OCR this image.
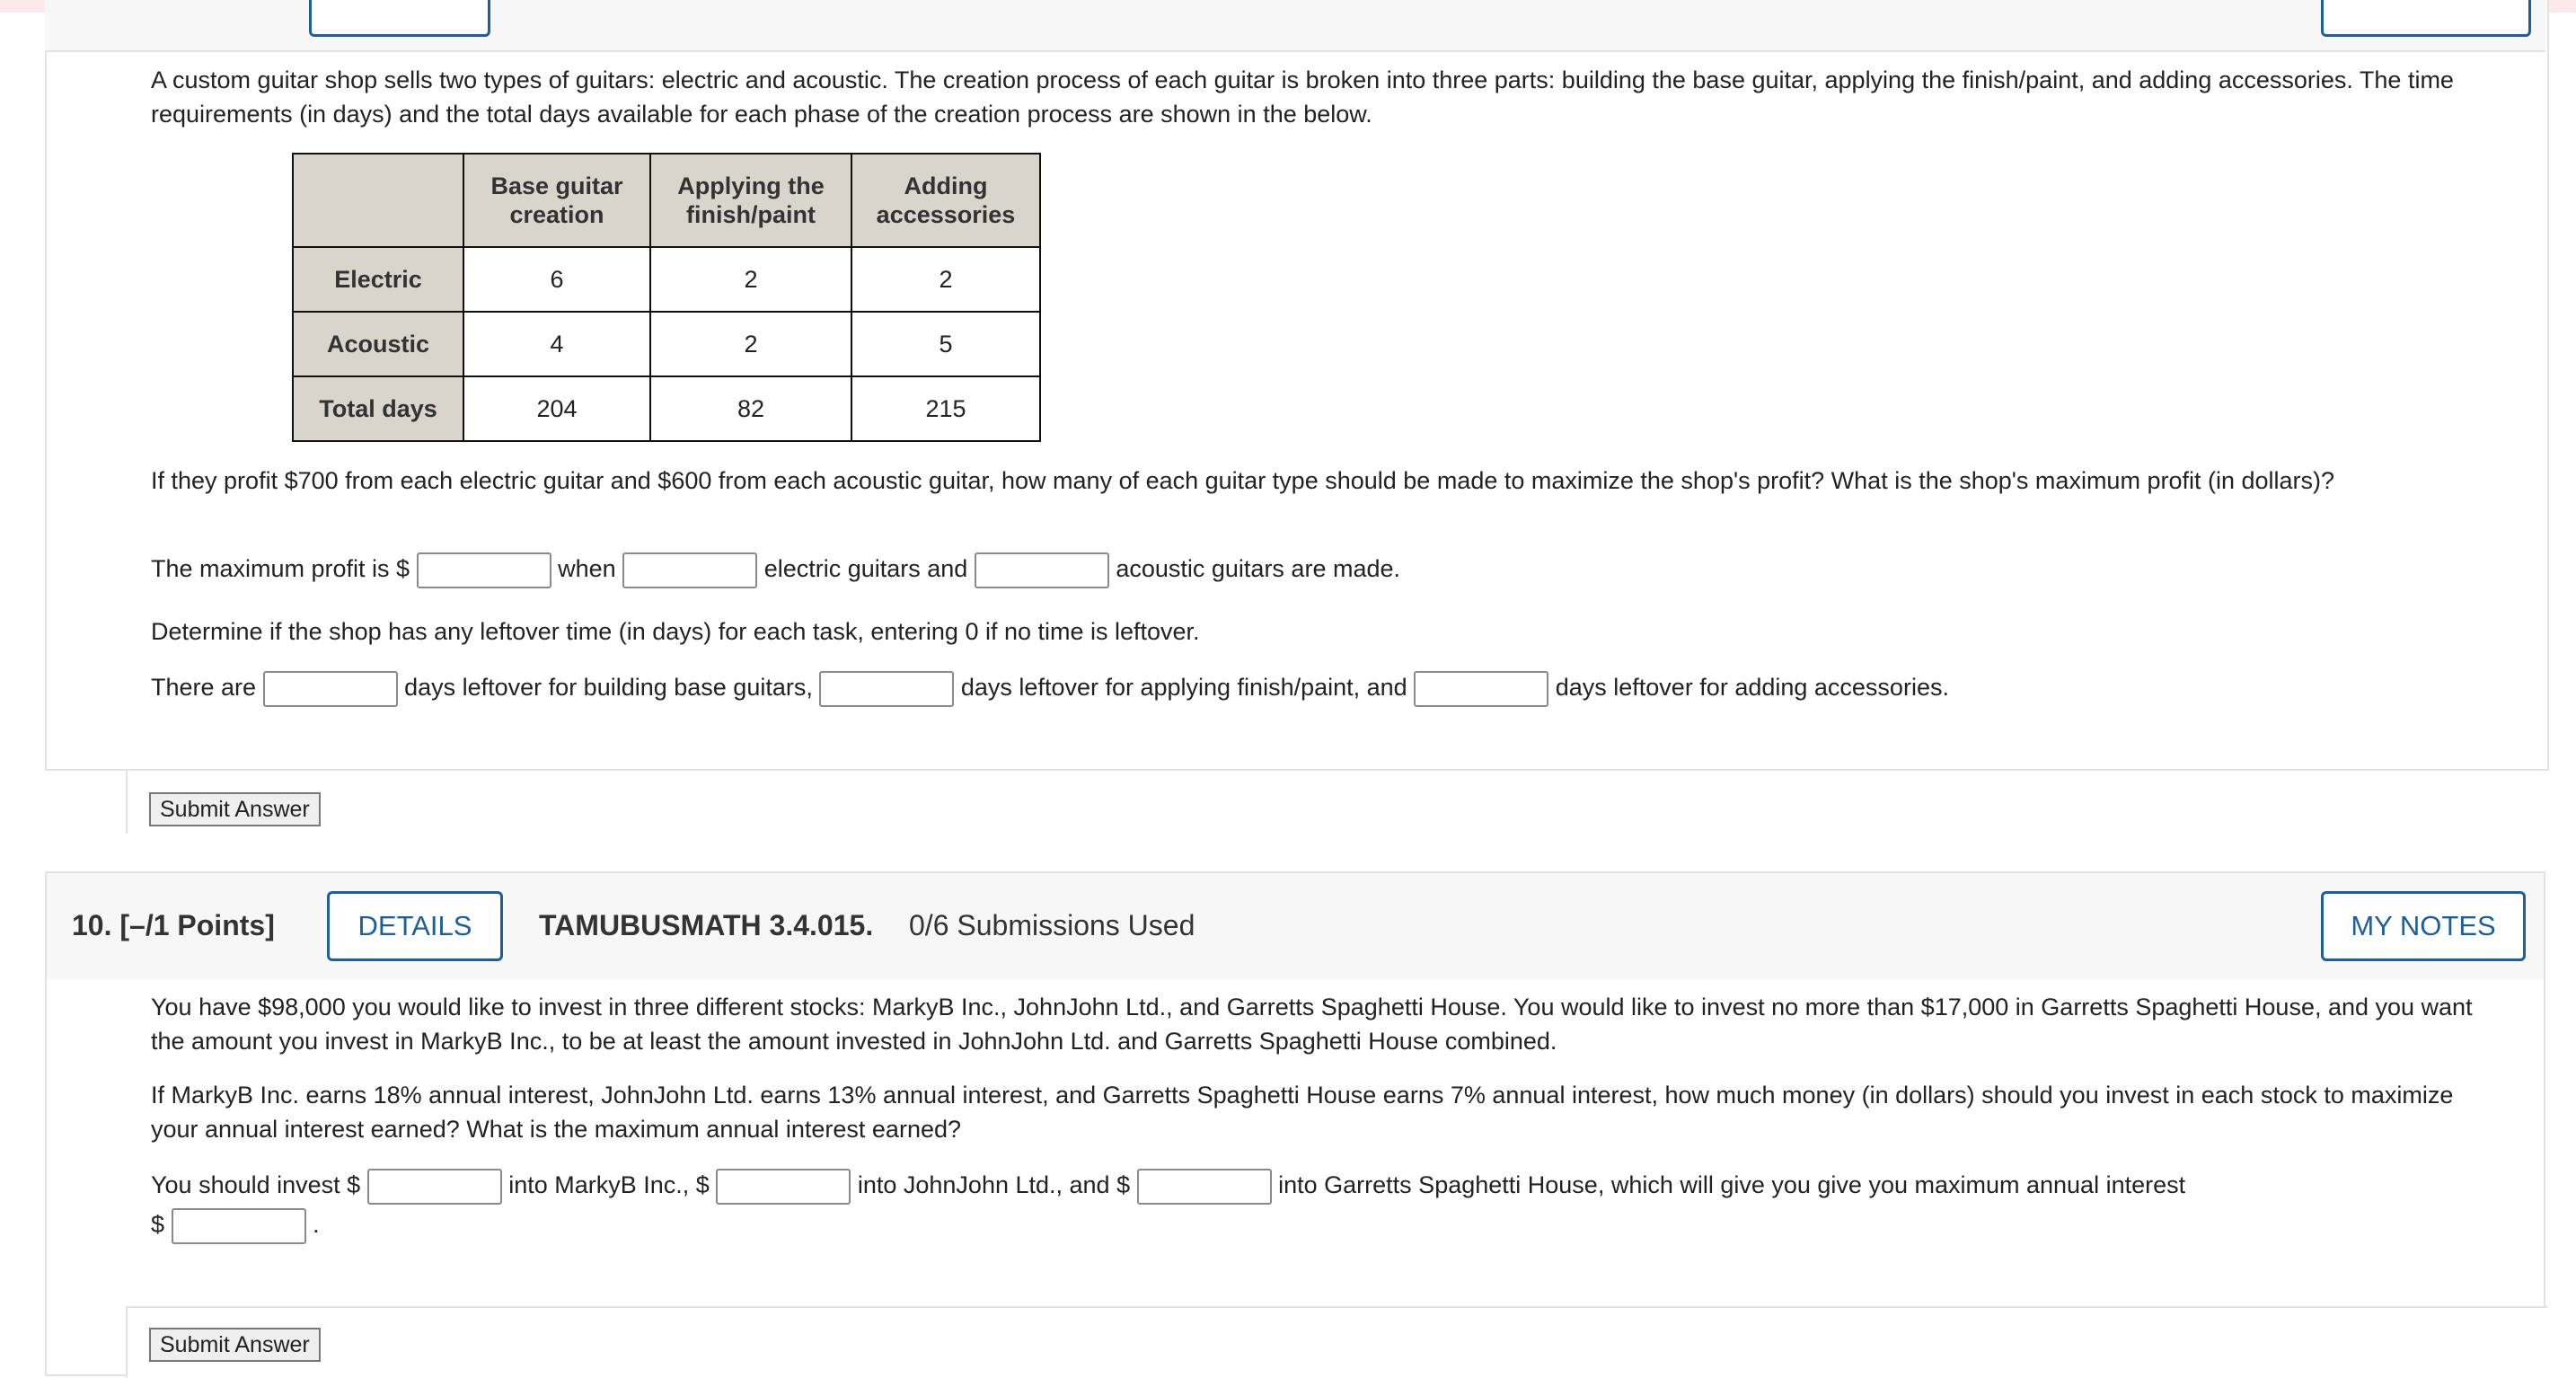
A custom guitar shop sells two types of guitars: electric and acoustic. The creation process of each guitar is broken into three parts: building the base guitar, applying the finish/paint, and adding accessories. The time requirements (in days) and the total days available for each phase of the creation process are shown in the below.
	Base guitar creation	Applying the finish/paint	Adding accessories
Electric	6	2	2
Acoustic	4	2	5
Total days	204	82	215
If they profit $700 from each electric guitar and $600 from each acoustic guitar, how many of each guitar type should be made to maximize the shop's profit? What is the shop's maximum profit (in dollars)?
The maximum profit is $	when	electric guitars and	acoustic guitars are made.
Determine if the shop has any leftover time (in days) for each task, entering 0 if no time is leftover.
There are	days leftover for building base guitars,	days leftover for applying finish/paint, and	days leftover for adding accessories.
Submit Answer
10. [–/1 Points]	DETAILS	TAMUBUSMATH 3.4.015. 0/6 Submissions Used	MY NOTES
You have $98,000 you would like to invest in three different stocks: MarkyB Inc., JohnJohn Ltd., and Garretts Spaghetti House. You would like to invest no more than $17,000 in Garretts Spaghetti House, and you want the amount you invest in MarkyB Inc., to be at least the amount invested in JohnJohn Ltd. and Garretts Spaghetti House combined.
If MarkyB Inc. earns 18% annual interest, JohnJohn Ltd. earns 13% annual interest, and Garretts Spaghetti House earns 7% annual interest, how much money (in dollars) should you invest in each stock to maximize your annual interest earned? What is the maximum annual interest earned?
You should invest $	into MarkyB Inc., $	into JohnJohn Ltd., and $	into Garretts Spaghetti House, which will give you give you maximum annual interest
$	.
Submit Answer
